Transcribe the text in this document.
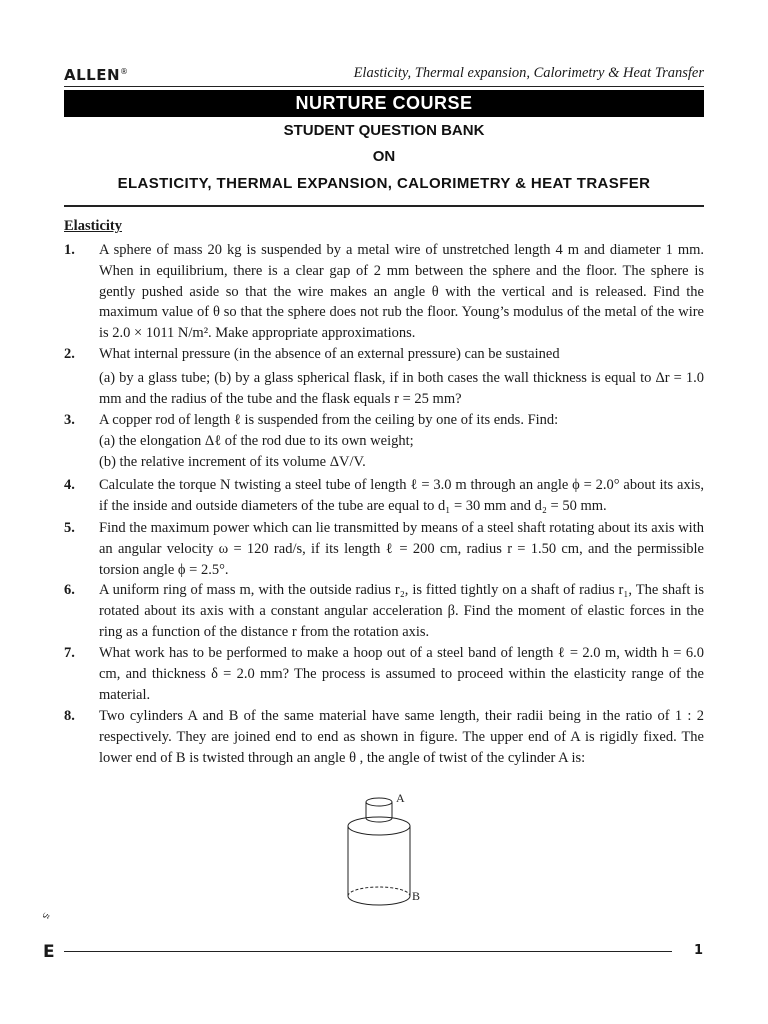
ALLEN®	Elasticity, Thermal expansion, Calorimetry & Heat Transfer
NURTURE COURSE
STUDENT QUESTION BANK
ON
ELASTICITY, THERMAL EXPANSION, CALORIMETRY & HEAT TRASFER
Elasticity
1.	A sphere of mass 20 kg is suspended by a metal wire of unstretched length 4 m and diameter 1 mm. When in equilibrium, there is a clear gap of 2 mm between the sphere and the floor. The sphere is gently pushed aside so that the wire makes an angle θ with the vertical and is released. Find the maximum value of θ so that the sphere does not rub the floor. Young’s modulus of the metal of the wire is 2.0 × 1011 N/m². Make appropriate approximations.
2.	What internal pressure (in the absence of an external pressure) can be sustained
(a) by a glass tube; (b) by a glass spherical flask, if in both cases the wall thickness is equal to Δr = 1.0 mm and the radius of the tube and the flask equals r = 25 mm?
3.	A copper rod of length ℓ is suspended from the ceiling by one of its ends. Find:
(a) the elongation Δℓ of the rod due to its own weight;
(b) the relative increment of its volume ΔV/V.
4.	Calculate the torque N twisting a steel tube of length ℓ = 3.0 m through an angle ϕ = 2.0° about its axis, if the inside and outside diameters of the tube are equal to d₁ = 30 mm and d₂ = 50 mm.
5.	Find the maximum power which can lie transmitted by means of a steel shaft rotating about its axis with an angular velocity ω = 120 rad/s, if its length ℓ = 200 cm, radius r = 1.50 cm, and the permissible torsion angle ϕ = 2.5°.
6.	A uniform ring of mass m, with the outside radius r₂, is fitted tightly on a shaft of radius r₁, The shaft is rotated about its axis with a constant angular acceleration β. Find the moment of elastic forces in the ring as a function of the distance r from the rotation axis.
7.	What work has to be performed to make a hoop out of a steel band of length ℓ = 2.0 m, width h = 6.0 cm, and thickness δ = 2.0 mm? The process is assumed to proceed within the elasticity range of the material.
8.	Two cylinders A and B of the same material have same length, their radii being in the ratio of 1 : 2 respectively. They are joined end to end as shown in figure. The upper end of A is rigidly fixed. The lower end of B is twisted through an angle θ , the angle of twist of the cylinder A is:
A
B
ઙ
E	1
